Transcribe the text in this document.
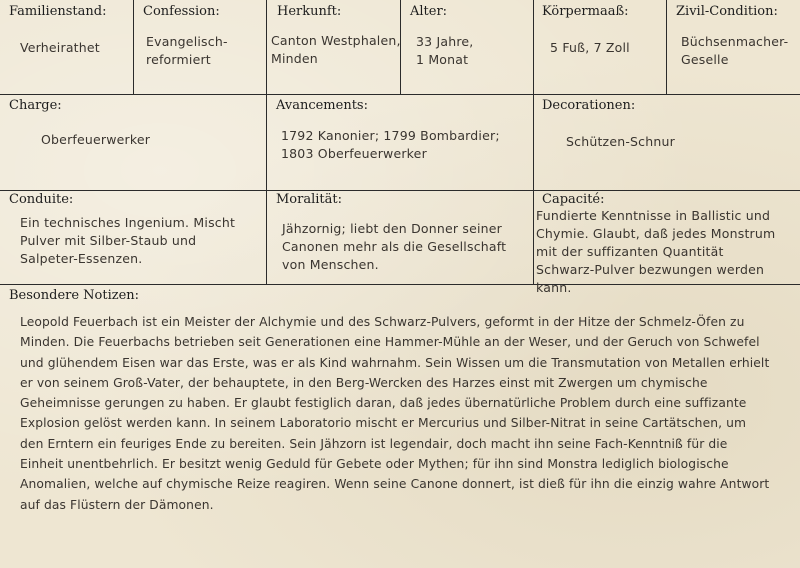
Familienstand:
Verheirathet
Confession:
Evangelisch-
reformiert
Herkunft:
Canton Westphalen,
Minden
Alter:
33 Jahre,
1 Monat
Körpermaaß:
5 Fuß, 7 Zoll
Zivil-Condition:
Büchsenmacher-
Geselle
Charge:
Oberfeuerwerker
Avancements:
1792 Kanonier; 1799 Bombardier;
1803 Oberfeuerwerker
Decorationen:
Schützen-Schnur
Conduite:
Ein technisches Ingenium. Mischt
Pulver mit Silber-Staub und
Salpeter-Essenzen.
Moralität:
Jähzornig; liebt den Donner seiner
Canonen mehr als die Gesellschaft
von Menschen.
Capacité:
Fundierte Kenntnisse in Ballistic und
Chymie. Glaubt, daß jedes Monstrum
mit der suffizanten Quantität
Schwarz-Pulver bezwungen werden kann.
Besondere Notizen:
Leopold Feuerbach ist ein Meister der Alchymie und des Schwarz-Pulvers, geformt in der Hitze der Schmelz-Öfen zu
Minden. Die Feuerbachs betrieben seit Generationen eine Hammer-Mühle an der Weser, und der Geruch von Schwefel
und glühendem Eisen war das Erste, was er als Kind wahrnahm. Sein Wissen um die Transmutation von Metallen erhielt
er von seinem Groß-Vater, der behauptete, in den Berg-Wercken des Harzes einst mit Zwergen um chymische
Geheimnisse gerungen zu haben. Er glaubt festiglich daran, daß jedes übernatürliche Problem durch eine suffizante
Explosion gelöst werden kann. In seinem Laboratorio mischt er Mercurius und Silber-Nitrat in seine Cartätschen, um
den Erntern ein feuriges Ende zu bereiten. Sein Jähzorn ist legendair, doch macht ihn seine Fach-Kenntniß für die
Einheit unentbehrlich. Er besitzt wenig Geduld für Gebete oder Mythen; für ihn sind Monstra lediglich biologische
Anomalien, welche auf chymische Reize reagiren. Wenn seine Canone donnert, ist dieß für ihn die einzig wahre Antwort
auf das Flüstern der Dämonen.
